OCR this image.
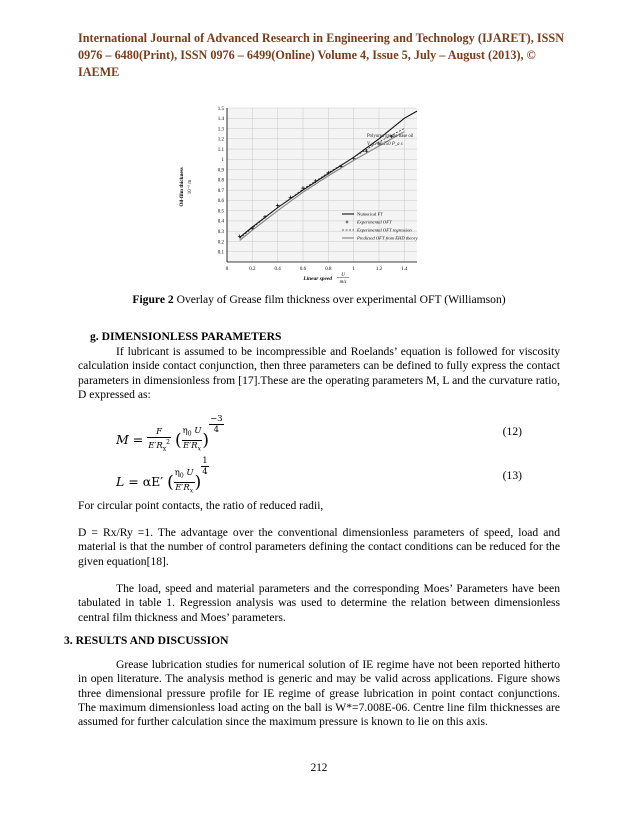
International Journal of Advanced Research in Engineering and Technology (IJARET), ISSN
0976 – 6480(Print), ISSN 0976 – 6499(Online) Volume 4, Issue 5, July – August (2013), © IAEME
0.1
0.2
0.3
0.4
0.5
0.6
0.7
0.8
0.9
1
1.1
1.2
1.3
1.4
1.5
0	0.2	0.4	0.6	0.8	1	1.2	1.4
Oil-film thickness 10⁻⁶ m
Linear speed
U
m/s
Polyurea grease base oil
V_s = 0.250 P_a s
Numerical FT
Experimental OFT
Experimental OFT regression
Predicted OFT from EHD theory
Figure 2 Overlay of Grease film thickness over experimental OFT (Williamson)
g. DIMENSIONLESS PARAMETERS
If lubricant is assumed to be incompressible and Roelands’ equation is followed for viscosity calculation inside contact conjunction, then three parameters can be defined to fully express the contact parameters in dimensionless from [17].These are the operating parameters M, L and the curvature ratio, D expressed as:
$M = \frac{F}{E'R_x^2}$ ( $\frac{\eta_0 U}{E'R_x}$ )
$\frac{-3}{4}$	(12)
L = αE′ ( $\frac{\eta_0 U}{E'R_x}$ )
$\frac{1}{4}$	(13)
For circular point contacts, the ratio of reduced radii,
D = Rx/Ry =1. The advantage over the conventional dimensionless parameters of speed, load and material is that the number of control parameters defining the contact conditions can be reduced for the given equation[18].
The load, speed and material parameters and the corresponding Moes’ Parameters have been tabulated in table 1. Regression analysis was used to determine the relation between dimensionless central film thickness and Moes’ parameters.
3. RESULTS AND DISCUSSION
Grease lubrication studies for numerical solution of IE regime have not been reported hitherto in open literature. The analysis method is generic and may be valid across applications. Figure shows three dimensional pressure profile for IE regime of grease lubrication in point contact conjunctions. The maximum dimensionless load acting on the ball is W*=7.008E-06. Centre line film thicknesses are assumed for further calculation since the maximum pressure is known to lie on this axis.
212
